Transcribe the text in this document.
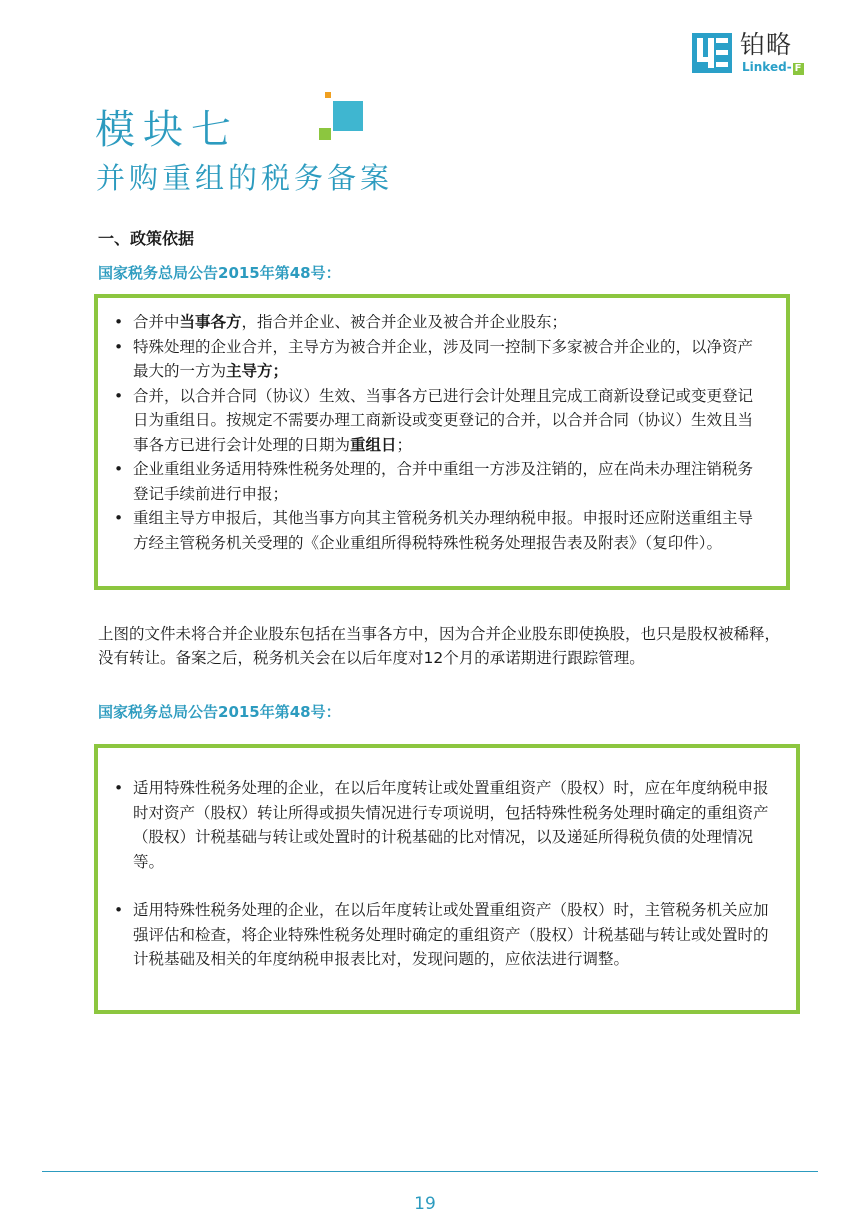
铂略
Linked- F
模块七
并购重组的税务备案
一、政策依据
国家税务总局公告2015年第48号：
• 合并中当事各方，指合并企业、被合并企业及被合并企业股东；
• 特殊处理的企业合并，主导方为被合并企业，涉及同一控制下多家被合并企业的，以净资产最大的一方为主导方；
• 合并，以合并合同（协议）生效、当事各方已进行会计处理且完成工商新设登记或变更登记日为重组日。按规定不需要办理工商新设或变更登记的合并，以合并合同（协议）生效且当事各方已进行会计处理的日期为重组日；
• 企业重组业务适用特殊性税务处理的，合并中重组一方涉及注销的，应在尚未办理注销税务登记手续前进行申报；
• 重组主导方申报后，其他当事方向其主管税务机关办理纳税申报。申报时还应附送重组主导方经主管税务机关受理的《企业重组所得税特殊性税务处理报告表及附表》（复印件）。
上图的文件未将合并企业股东包括在当事各方中，因为合并企业股东即使换股，也只是股权被稀释，没有转让。备案之后，税务机关会在以后年度对12个月的承诺期进行跟踪管理。
国家税务总局公告2015年第48号：
• 适用特殊性税务处理的企业，在以后年度转让或处置重组资产（股权）时，应在年度纳税申报时对资产（股权）转让所得或损失情况进行专项说明，包括特殊性税务处理时确定的重组资产（股权）计税基础与转让或处置时的计税基础的比对情况，以及递延所得税负债的处理情况等。
• 适用特殊性税务处理的企业，在以后年度转让或处置重组资产（股权）时，主管税务机关应加强评估和检查，将企业特殊性税务处理时确定的重组资产（股权）计税基础与转让或处置时的计税基础及相关的年度纳税申报表比对，发现问题的，应依法进行调整。
19
